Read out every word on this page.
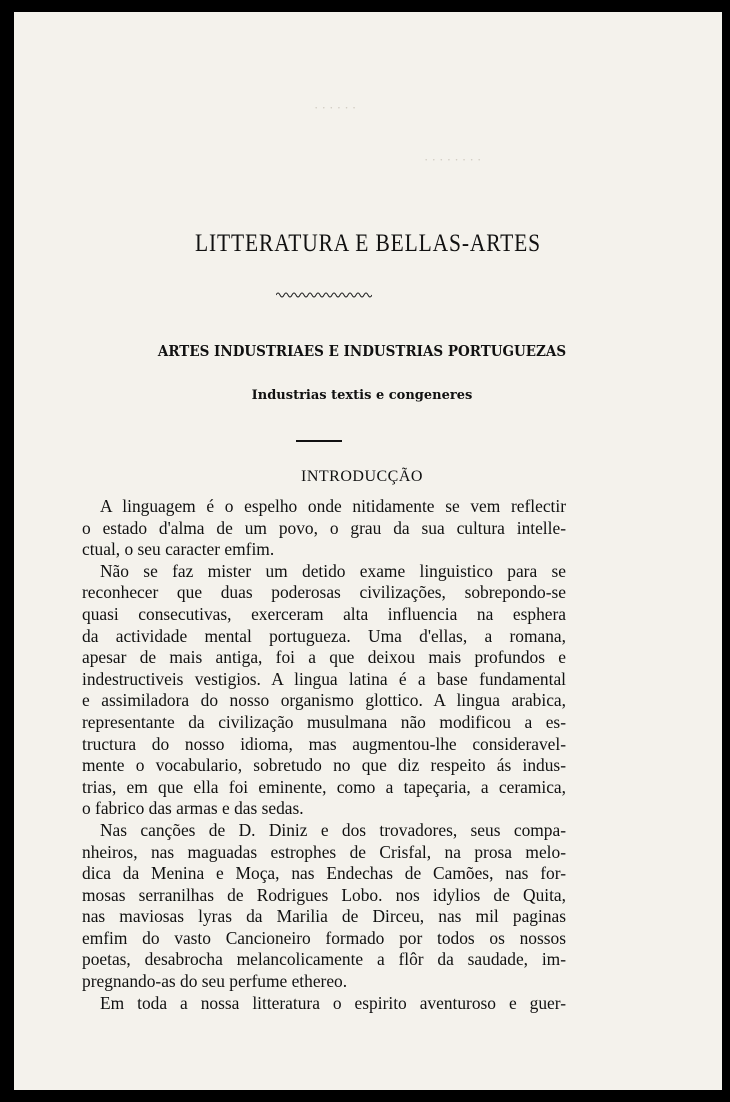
· · · · · ·
· · · · · · · ·
LITTERATURA E BELLAS-ARTES
ARTES INDUSTRIAES E INDUSTRIAS PORTUGUEZAS
Industrias textis e congeneres
INTRODUCÇÃO
A linguagem é o espelho onde nitidamente se vem reflectir
o estado d'alma de um povo, o grau da sua cultura intelle-
ctual, o seu caracter emfim.
Não se faz mister um detido exame linguistico para se
reconhecer que duas poderosas civilizações, sobrepondo-se
quasi consecutivas, exerceram alta influencia na esphera
da actividade mental portugueza. Uma d'ellas, a romana,
apesar de mais antiga, foi a que deixou mais profundos e
indestructiveis vestigios. A lingua latina é a base fundamental
e assimiladora do nosso organismo glottico. A lingua arabica,
representante da civilização musulmana não modificou a es-
tructura do nosso idioma, mas augmentou-lhe consideravel-
mente o vocabulario, sobretudo no que diz respeito ás indus-
trias, em que ella foi eminente, como a tapeçaria, a ceramica,
o fabrico das armas e das sedas.
Nas canções de D. Diniz e dos trovadores, seus compa-
nheiros, nas maguadas estrophes de Crisfal, na prosa melo-
dica da Menina e Moça, nas Endechas de Camões, nas for-
mosas serranilhas de Rodrigues Lobo. nos idylios de Quita,
nas maviosas lyras da Marilia de Dirceu, nas mil paginas
emfim do vasto Cancioneiro formado por todos os nossos
poetas, desabrocha melancolicamente a flôr da saudade, im-
pregnando-as do seu perfume ethereo.
Em toda a nossa litteratura o espirito aventuroso e guer-
